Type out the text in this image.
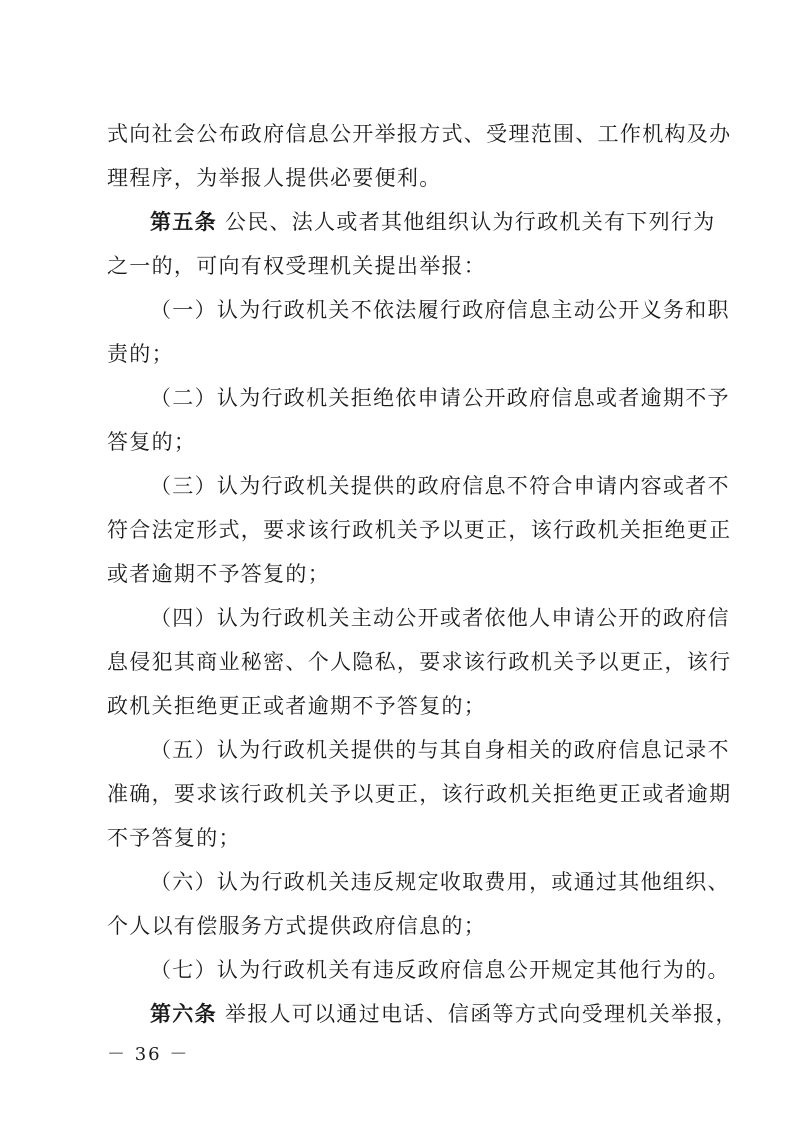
式向社会公布政府信息公开举报方式、受理范围、工作机构及办
理程序，为举报人提供必要便利。
第五条 公民、法人或者其他组织认为行政机关有下列行为
之一的，可向有权受理机关提出举报：
（一）认为行政机关不依法履行政府信息主动公开义务和职
责的；
（二）认为行政机关拒绝依申请公开政府信息或者逾期不予
答复的；
（三）认为行政机关提供的政府信息不符合申请内容或者不
符合法定形式，要求该行政机关予以更正，该行政机关拒绝更正
或者逾期不予答复的；
（四）认为行政机关主动公开或者依他人申请公开的政府信
息侵犯其商业秘密、个人隐私，要求该行政机关予以更正，该行
政机关拒绝更正或者逾期不予答复的；
（五）认为行政机关提供的与其自身相关的政府信息记录不
准确，要求该行政机关予以更正，该行政机关拒绝更正或者逾期
不予答复的；
（六）认为行政机关违反规定收取费用，或通过其他组织、
个人以有偿服务方式提供政府信息的；
（七）认为行政机关有违反政府信息公开规定其他行为的。
第六条 举报人可以通过电话、信函等方式向受理机关举报，
－ 36 －
